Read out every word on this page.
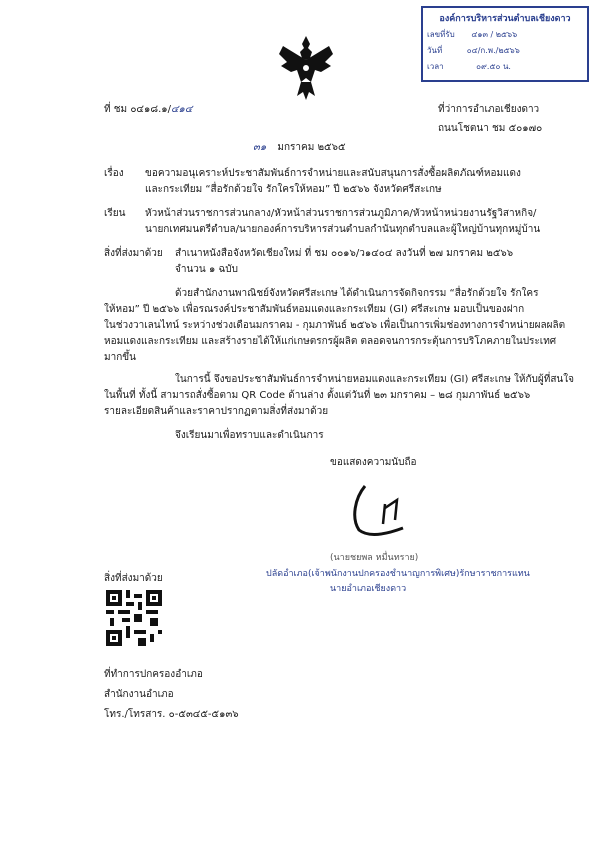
องค์การบริหารส่วนตำบลเชียงดาว
เลขที่รับ ๔๑๓ / ๒๕๖๖
วันที่	๐๔/ก.พ./๒๕๖๖
เวลา	๐๙.๕๐ น.
ที่ ชม ๐๔๑๘.๑/๔๑๔	ที่ว่าการอำเภอเชียงดาว
ถนนโชตนา ชม ๕๐๑๗๐
๓๑ มกราคม ๒๕๖๕
เรื่อง ขอความอนุเคราะห์ประชาสัมพันธ์การจำหน่ายและสนับสนุนการสั่งซื้อผลิตภัณฑ์หอมแดง
และกระเทียม “สื่อรักด้วยใจ รักใครให้หอม” ปี ๒๕๖๖ จังหวัดศรีสะเกษ
เรียน หัวหน้าส่วนราชการส่วนกลาง/หัวหน้าส่วนราชการส่วนภูมิภาค/หัวหน้าหน่วยงานรัฐวิสาหกิจ/
นายกเทศมนตรีตำบล/นายกองค์การบริหารส่วนตำบลกำนันทุกตำบลและผู้ใหญ่บ้านทุกหมู่บ้าน
สิ่งที่ส่งมาด้วย สำเนาหนังสือจังหวัดเชียงใหม่ ที่ ชม ๐๐๑๖/ว๑๔๐๔ ลงวันที่ ๒๗ มกราคม ๒๕๖๖
จำนวน ๑ ฉบับ
ด้วยสำนักงานพาณิชย์จังหวัดศรีสะเกษ ได้ดำเนินการจัดกิจกรรม “สื่อรักด้วยใจ รักใคร
ให้หอม” ปี ๒๕๖๖ เพื่อรณรงค์ประชาสัมพันธ์หอมแดงและกระเทียม (GI) ศรีสะเกษ มอบเป็นของฝาก
ในช่วงวาเลนไทน์ ระหว่างช่วงเดือนมกราคม - กุมภาพันธ์ ๒๕๖๖ เพื่อเป็นการเพิ่มช่องทางการจำหน่ายผลผลิต
หอมแดงและกระเทียม และสร้างรายได้ให้แก่เกษตรกรผู้ผลิต ตลอดจนการกระตุ้นการบริโภคภายในประเทศ
มากขึ้น
ในการนี้ จึงขอประชาสัมพันธ์การจำหน่ายหอมแดงและกระเทียม (GI) ศรีสะเกษ ให้กับผู้ที่สนใจ
ในพื้นที่ ทั้งนี้ สามารถสั่งซื้อตาม QR Code ด้านล่าง ตั้งแต่วันที่ ๒๓ มกราคม – ๒๘ กุมภาพันธ์ ๒๕๖๖
รายละเอียดสินค้าและราคาปรากฏตามสิ่งที่ส่งมาด้วย
จึงเรียนมาเพื่อทราบและดำเนินการ
ขอแสดงความนับถือ
(นายชยพล หมื่นทราย)
ปลัดอำเภอ(เจ้าพนักงานปกครองชำนาญการพิเศษ)รักษาราชการแทน
นายอำเภอเชียงดาว
สิ่งที่ส่งมาด้วย
ที่ทำการปกครองอำเภอ
สำนักงานอำเภอ
โทร./โทรสาร. ๐-๕๓๔๕-๕๑๓๖
